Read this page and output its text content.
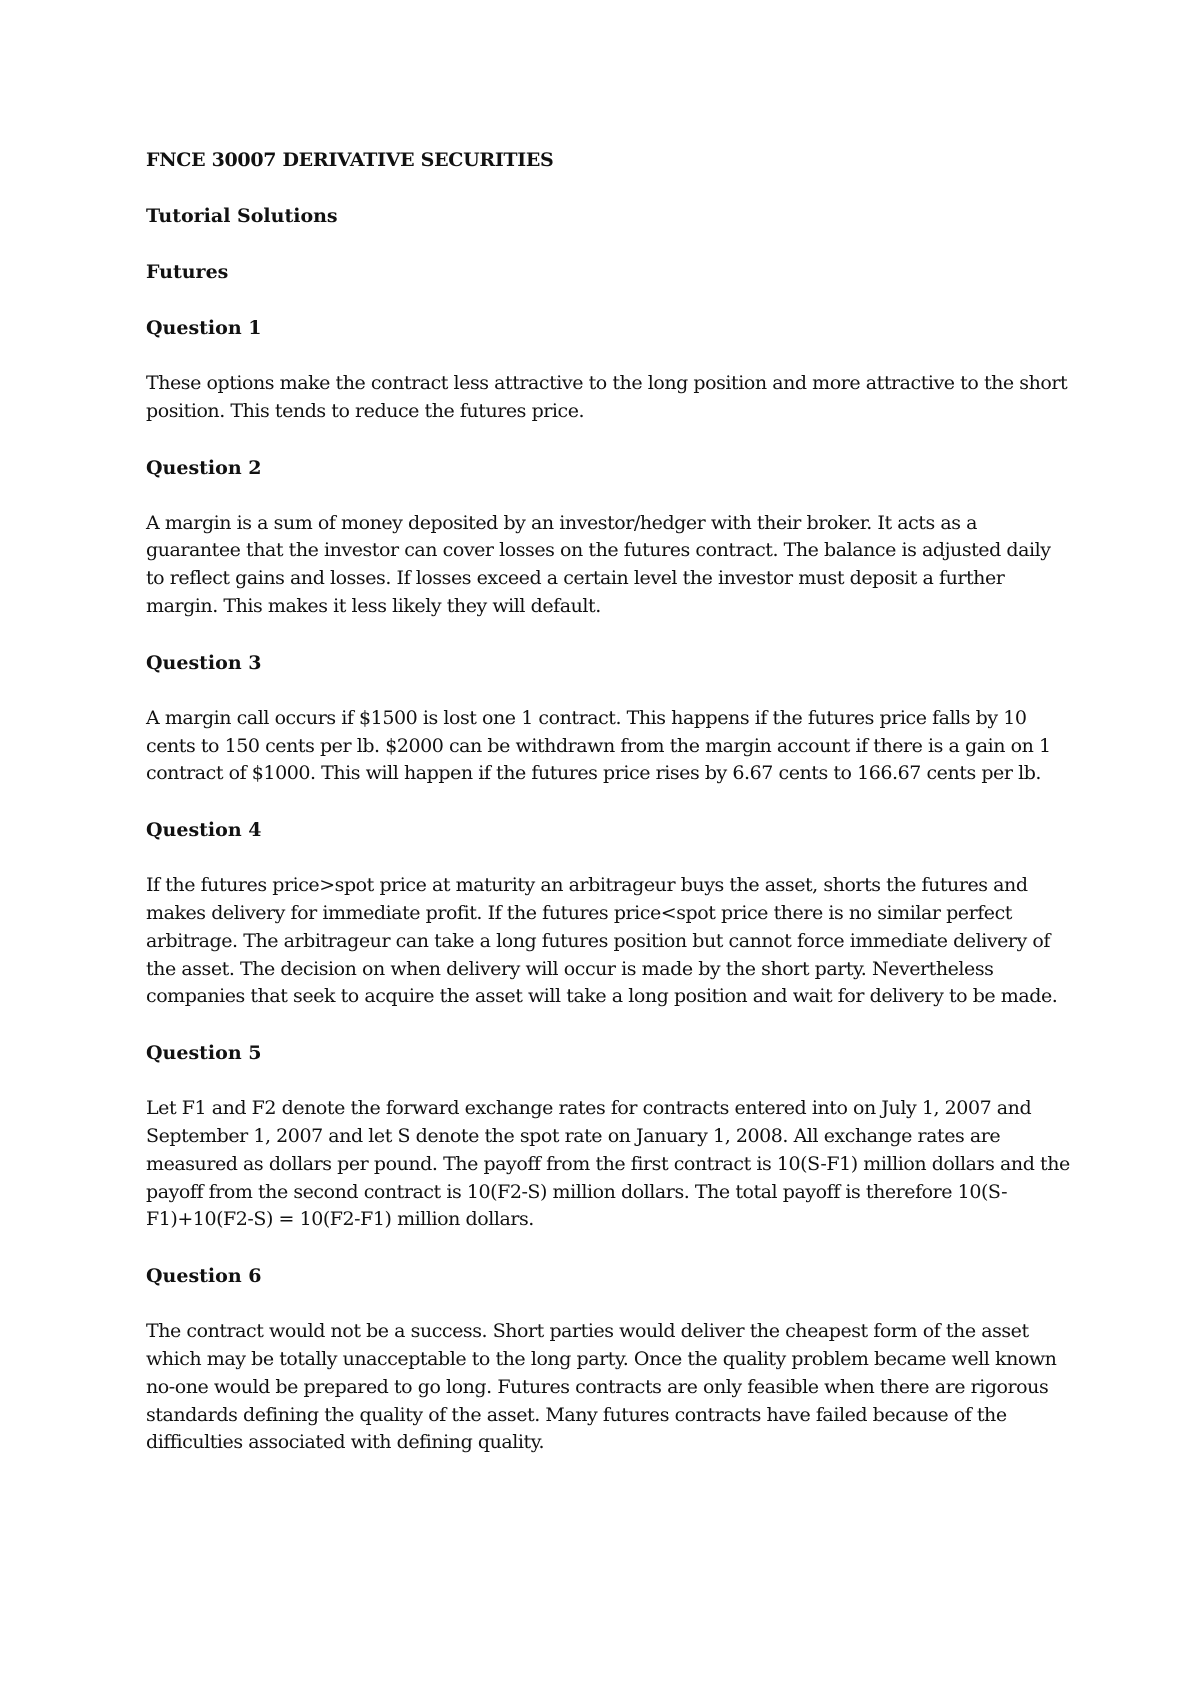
FNCE 30007 DERIVATIVE SECURITIES
Tutorial Solutions
Futures
Question 1
These options make the contract less attractive to the long position and more attractive to the short position. This tends to reduce the futures price.
Question 2
A margin is a sum of money deposited by an investor/hedger with their broker. It acts as a guarantee that the investor can cover losses on the futures contract. The balance is adjusted daily to reflect gains and losses. If losses exceed a certain level the investor must deposit a further margin. This makes it less likely they will default.
Question 3
A margin call occurs if $1500 is lost one 1 contract. This happens if the futures price falls by 10 cents to 150 cents per lb. $2000 can be withdrawn from the margin account if there is a gain on 1 contract of $1000. This will happen if the futures price rises by 6.67 cents to 166.67 cents per lb.
Question 4
If the futures price>spot price at maturity an arbitrageur buys the asset, shorts the futures and makes delivery for immediate profit. If the futures price<spot price there is no similar perfect arbitrage. The arbitrageur can take a long futures position but cannot force immediate delivery of the asset. The decision on when delivery will occur is made by the short party. Nevertheless companies that seek to acquire the asset will take a long position and wait for delivery to be made.
Question 5
Let F1 and F2 denote the forward exchange rates for contracts entered into on July 1, 2007 and September 1, 2007 and let S denote the spot rate on January 1, 2008. All exchange rates are measured as dollars per pound. The payoff from the first contract is 10(S-F1) million dollars and the payoff from the second contract is 10(F2-S) million dollars. The total payoff is therefore 10(S-F1)+10(F2-S) = 10(F2-F1) million dollars.
Question 6
The contract would not be a success. Short parties would deliver the cheapest form of the asset which may be totally unacceptable to the long party. Once the quality problem became well known no-one would be prepared to go long. Futures contracts are only feasible when there are rigorous standards defining the quality of the asset. Many futures contracts have failed because of the difficulties associated with defining quality.
